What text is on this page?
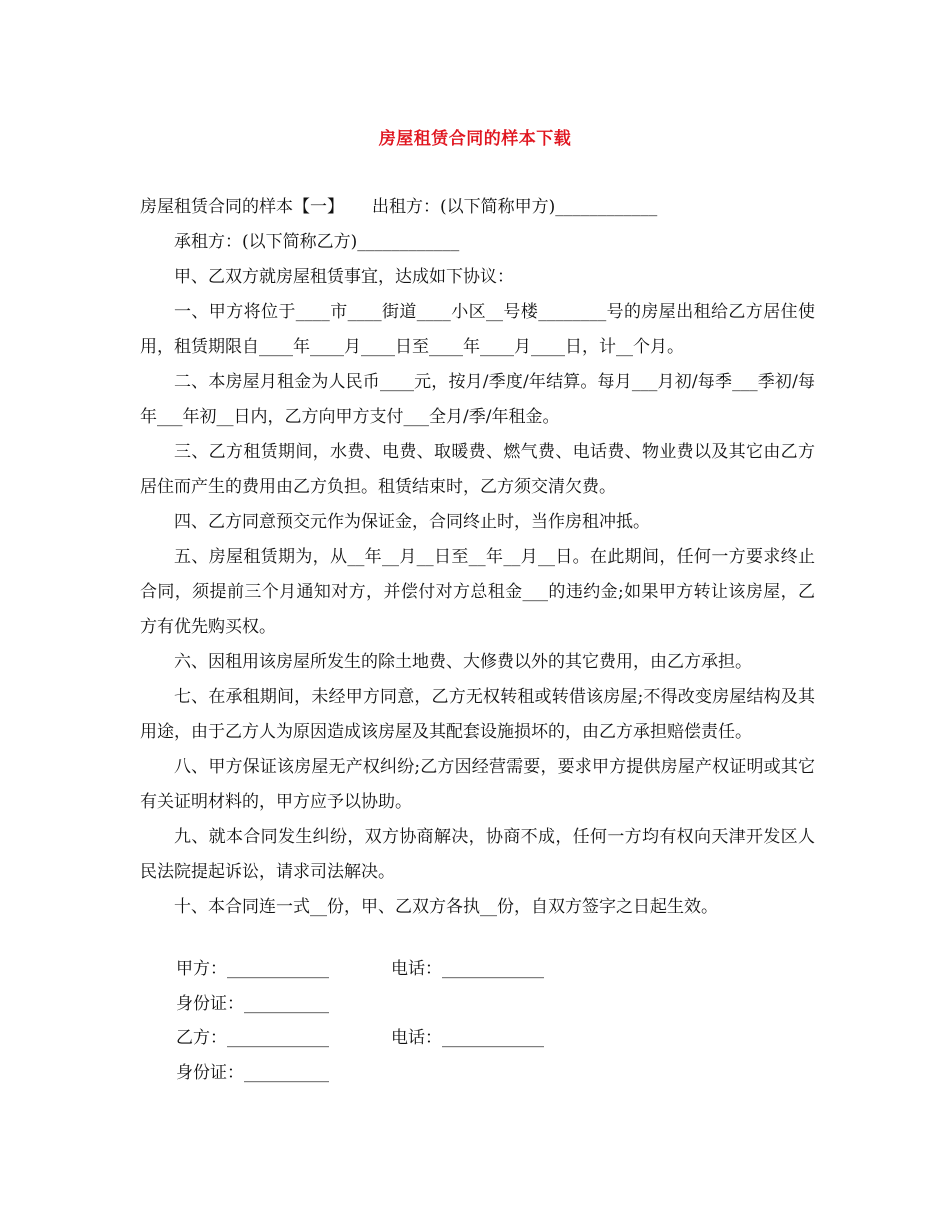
房屋租赁合同的样本下载

房屋租赁合同的样本【一】 出租方：(以下简称甲方)____________

承租方：(以下简称乙方)____________

甲、乙双方就房屋租赁事宜，达成如下协议：

一、甲方将位于____市____街道____小区__号楼________号的房屋出租给乙方居住使用，租赁期限自____年____月____日至____年____月____日，计__个月。

二、本房屋月租金为人民币____元，按月/季度/年结算。每月___月初/每季___季初/每年___年初__日内，乙方向甲方支付___全月/季/年租金。

三、乙方租赁期间，水费、电费、取暖费、燃气费、电话费、物业费以及其它由乙方居住而产生的费用由乙方负担。租赁结束时，乙方须交清欠费。

四、乙方同意预交元作为保证金，合同终止时，当作房租冲抵。

五、房屋租赁期为，从__年__月__日至__年__月__日。在此期间，任何一方要求终止合同，须提前三个月通知对方，并偿付对方总租金___的违约金;如果甲方转让该房屋，乙方有优先购买权。

六、因租用该房屋所发生的除土地费、大修费以外的其它费用，由乙方承担。

七、在承租期间，未经甲方同意，乙方无权转租或转借该房屋;不得改变房屋结构及其用途，由于乙方人为原因造成该房屋及其配套设施损坏的，由乙方承担赔偿责任。

八、甲方保证该房屋无产权纠纷;乙方因经营需要，要求甲方提供房屋产权证明或其它有关证明材料的，甲方应予以协助。

九、就本合同发生纠纷，双方协商解决，协商不成，任何一方均有权向天津开发区人民法院提起诉讼，请求司法解决。

十、本合同连一式__份，甲、乙双方各执__份，自双方签字之日起生效。

甲方：____________	电话：____________
身份证：__________
乙方：____________	电话：____________
身份证：__________
